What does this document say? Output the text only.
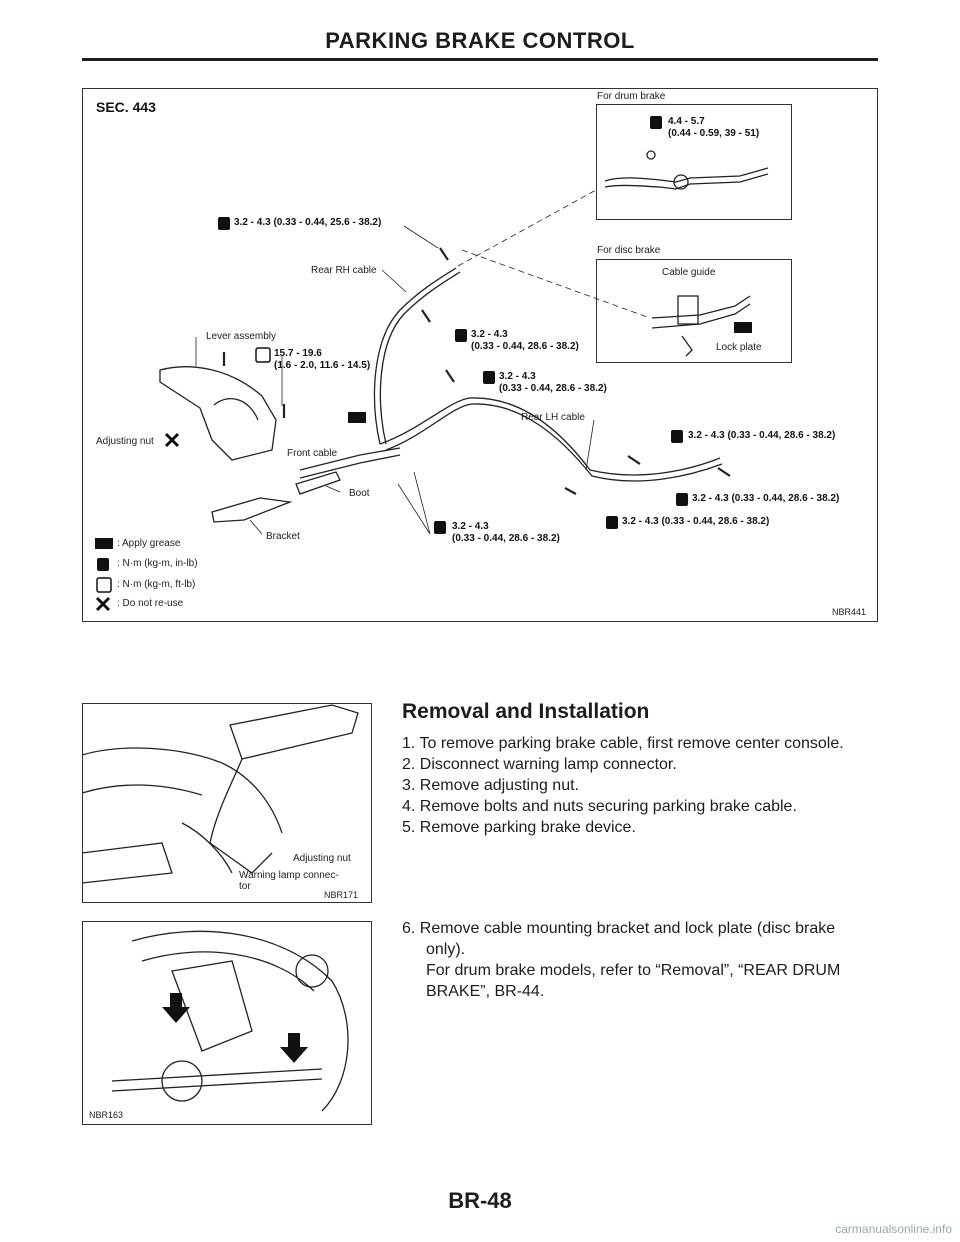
PARKING BRAKE CONTROL
SEC. 443
For drum brake
4.4 - 5.7
(0.44 - 0.59, 39 - 51)
For disc brake
Cable guide
Lock plate
3.2 - 4.3 (0.33 - 0.44, 25.6 - 38.2)
Rear RH cable
Lever assembly
15.7 - 19.6
(1.6 - 2.0, 11.6 - 14.5)
3.2 - 4.3
(0.33 - 0.44, 28.6 - 38.2)
3.2 - 4.3
(0.33 - 0.44, 28.6 - 38.2)
Rear LH cable
3.2 - 4.3 (0.33 - 0.44, 28.6 - 38.2)
Adjusting nut
Front cable
Boot	3.2 - 4.3 (0.33 - 0.44, 28.6 - 38.2)
3.2 - 4.3 (0.33 - 0.44, 28.6 - 38.2)
3.2 - 4.3
(0.33 - 0.44, 28.6 - 38.2)
Bracket
: Apply grease
: N·m (kg-m, in-lb)
: N·m (kg-m, ft-lb)
: Do not re-use
NBR441
Adjusting nut
Warning lamp connec-
tor
NBR171
NBR163
Removal and Installation
1. To remove parking brake cable, first remove center console.
2. Disconnect warning lamp connector.
3. Remove adjusting nut.
4. Remove bolts and nuts securing parking brake cable.
5. Remove parking brake device.
6. Remove cable mounting bracket and lock plate (disc brake
only).
For drum brake models, refer to “Removal”, “REAR DRUM
BRAKE”, BR-44.
BR-48
carmanualsonline.info
